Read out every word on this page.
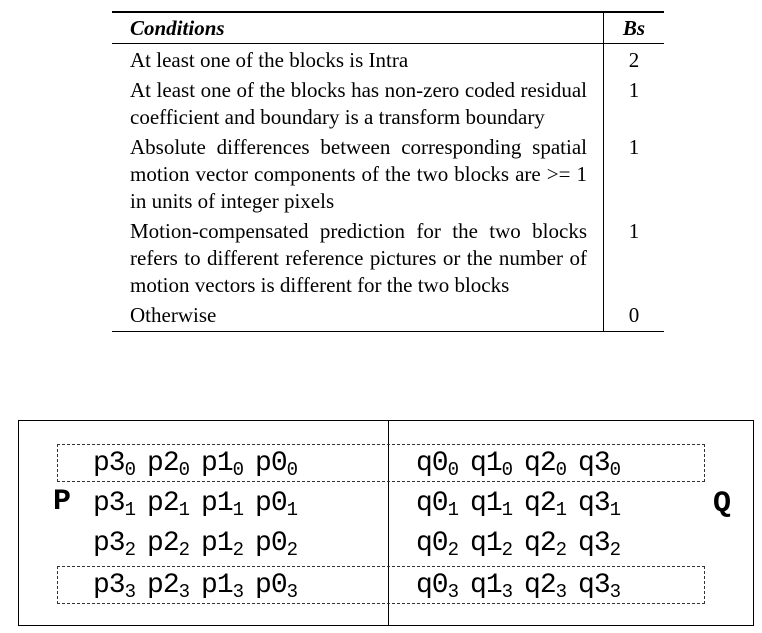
Conditions	Bs
At least one of the blocks is Intra	2
At least one of the blocks has non-zero coded residual coefficient and boundary is a transform boundary	1
Absolute differences between corresponding spatial motion vector components of the two blocks are >= 1 in units of integer pixels	1
Motion-compensated prediction for the two blocks refers to different reference pictures or the number of motion vectors is different for the two blocks	1
Otherwise	0
P	Q
$p3_0$ $p2_0$ $p1_0$ $p0_0$	$q0_0$ $q1_0$ $q2_0$ $q3_0$
$p3_1$ $p2_1$ $p1_1$ $p0_1$	$q0_1$ $q1_1$ $q2_1$ $q3_1$
$p3_2$ $p2_2$ $p1_2$ $p0_2$	$q0_2$ $q1_2$ $q2_2$ $q3_2$
$p3_3$ $p2_3$ $p1_3$ $p0_3$	$q0_3$ $q1_3$ $q2_3$ $q3_3$
